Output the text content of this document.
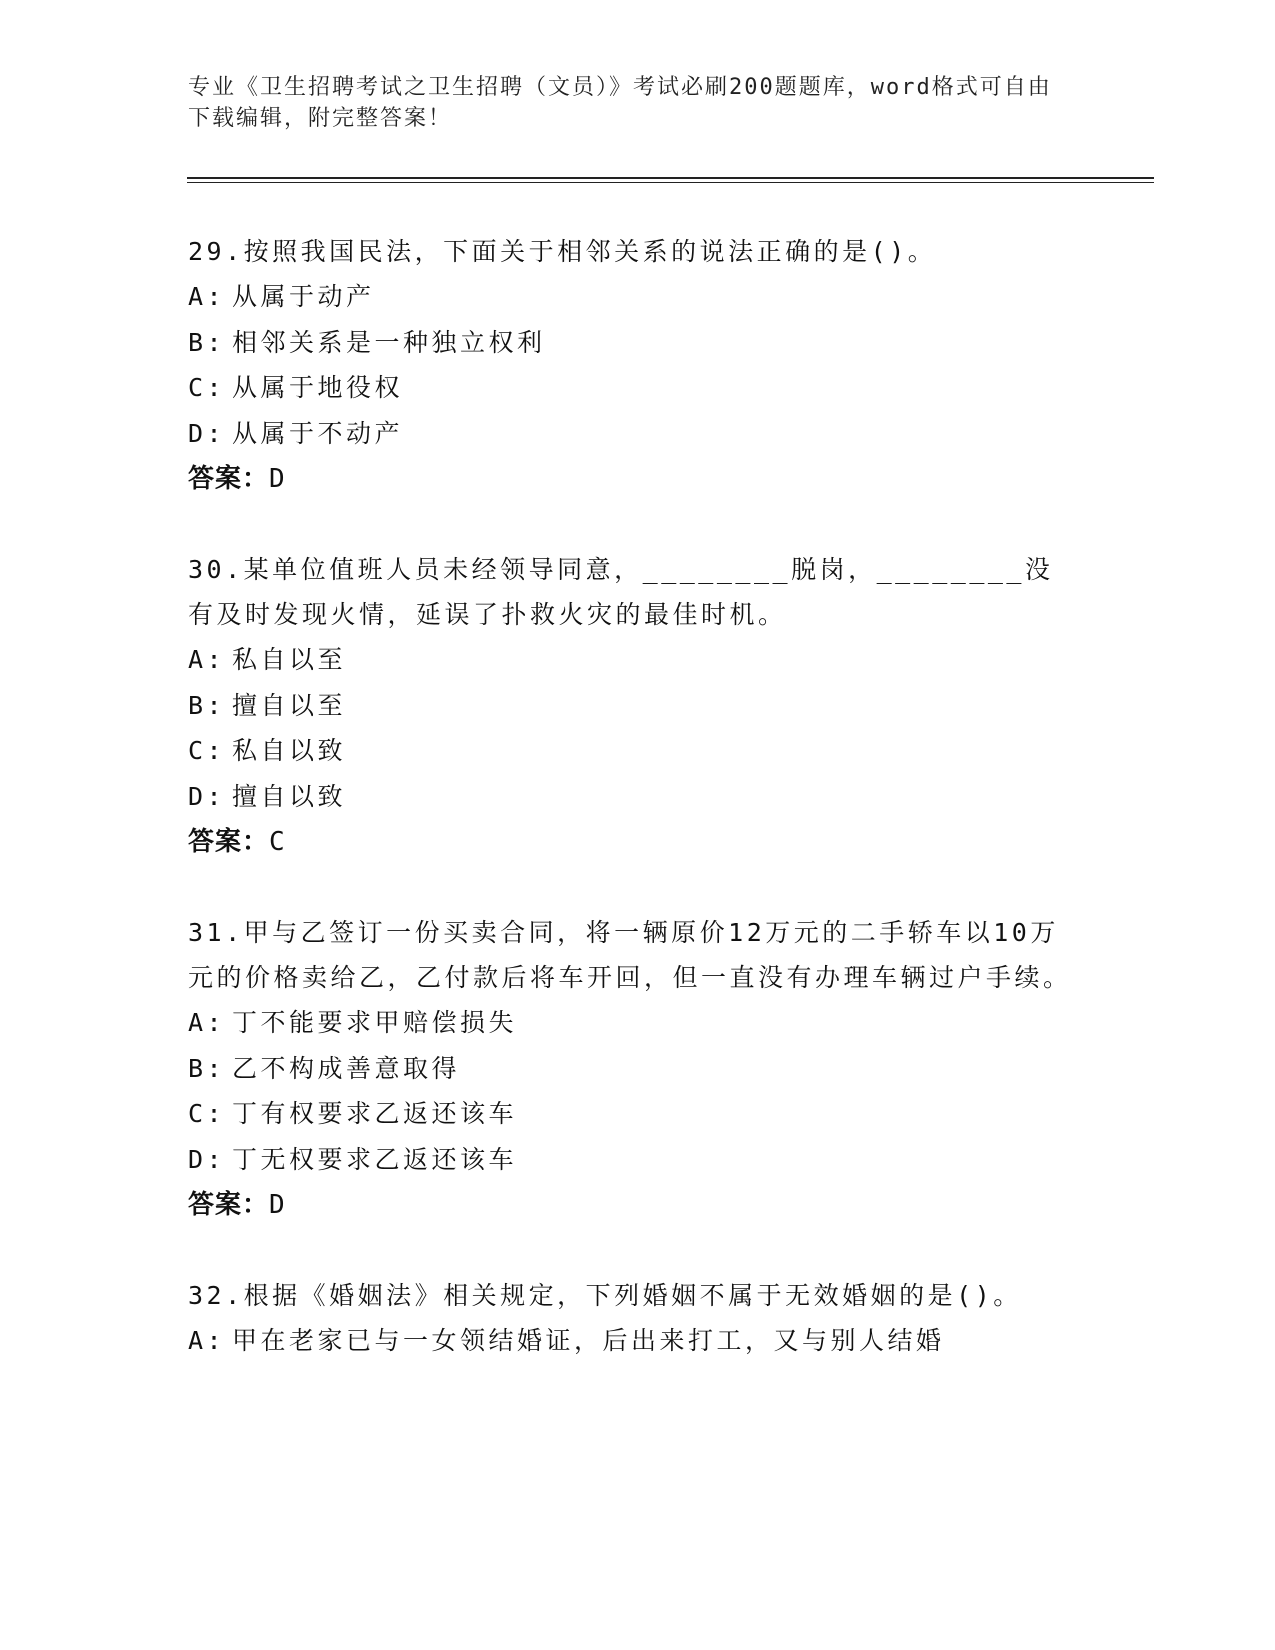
专业《卫生招聘考试之卫生招聘（文员）》考试必刷200题题库，word格式可自由下载编辑，附完整答案！

29.按照我国民法，下面关于相邻关系的说法正确的是()。

A: 从属于动产
B: 相邻关系是一种独立权利
C: 从属于地役权
D: 从属于不动产
答案：D

30.某单位值班人员未经领导同意，________脱岗，________没有及时发现火情，延误了扑救火灾的最佳时机。

A: 私自以至
B: 擅自以至
C: 私自以致
D: 擅自以致
答案：C

31.甲与乙签订一份买卖合同，将一辆原价12万元的二手轿车以10万元的价格卖给乙，乙付款后将车开回，但一直没有办理车辆过户手续。

A: 丁不能要求甲赔偿损失
B: 乙不构成善意取得
C: 丁有权要求乙返还该车
D: 丁无权要求乙返还该车
答案：D

32.根据《婚姻法》相关规定，下列婚姻不属于无效婚姻的是()。

A: 甲在老家已与一女领结婚证，后出来打工，又与别人结婚
